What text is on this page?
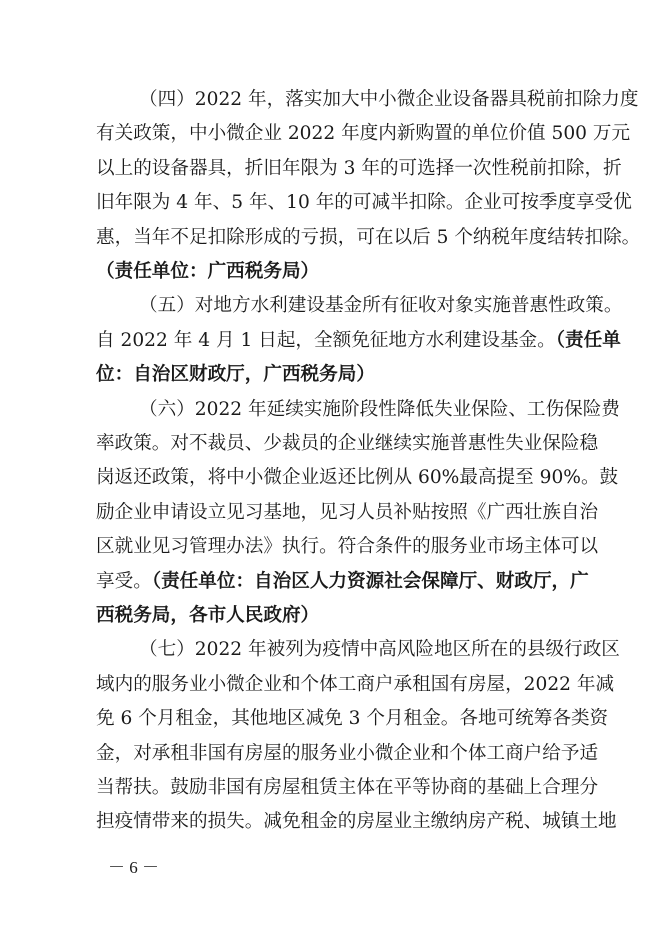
（四）2022 年，落实加大中小微企业设备器具税前扣除力度
有关政策，中小微企业 2022 年度内新购置的单位价值 500 万元
以上的设备器具，折旧年限为 3 年的可选择一次性税前扣除，折
旧年限为 4 年、5 年、10 年的可减半扣除。企业可按季度享受优
惠，当年不足扣除形成的亏损，可在以后 5 个纳税年度结转扣除。
（责任单位：广西税务局）
（五）对地方水利建设基金所有征收对象实施普惠性政策。
自 2022 年 4 月 1 日起，全额免征地方水利建设基金。（责任单
位：自治区财政厅，广西税务局）
（六）2022 年延续实施阶段性降低失业保险、工伤保险费
率政策。对不裁员、少裁员的企业继续实施普惠性失业保险稳
岗返还政策，将中小微企业返还比例从 60%最高提至 90%。鼓
励企业申请设立见习基地，见习人员补贴按照《广西壮族自治
区就业见习管理办法》执行。符合条件的服务业市场主体可以
享受。（责任单位：自治区人力资源社会保障厅、财政厅，广
西税务局，各市人民政府）
（七）2022 年被列为疫情中高风险地区所在的县级行政区
域内的服务业小微企业和个体工商户承租国有房屋，2022 年减
免 6 个月租金，其他地区减免 3 个月租金。各地可统筹各类资
金，对承租非国有房屋的服务业小微企业和个体工商户给予适
当帮扶。鼓励非国有房屋租赁主体在平等协商的基础上合理分
担疫情带来的损失。减免租金的房屋业主缴纳房产税、城镇土地
－ 6 －
